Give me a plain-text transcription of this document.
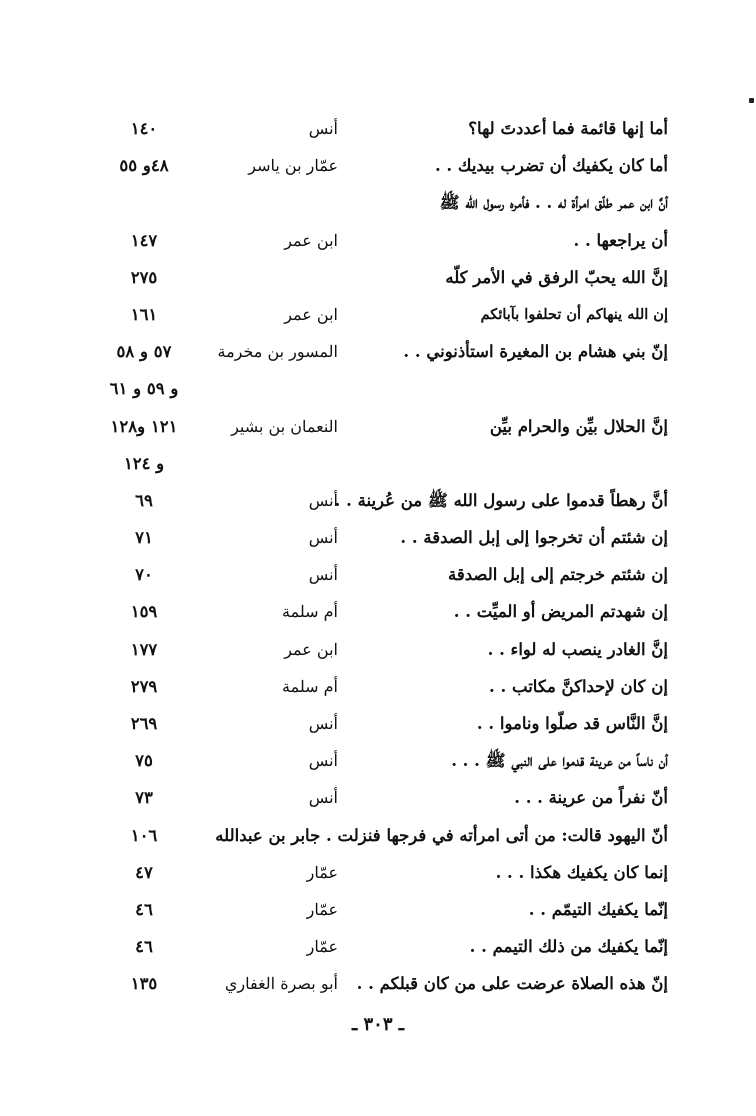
أما إنها قائمة فما أعددتَ لها؟
أنس
١٤٠
أما كان يكفيك أن تضرب بيديك . .
عمّار بن ياسر
٤٨و ٥٥
أنَّ ابن عمر طلّق امرأة له . . فأمره رسول الله ﷺ
أن يراجعها . .
ابن عمر
١٤٧
إنَّ الله يحبّ الرفق في الأمر كلّه
٢٧٥
إن الله ينهاكم أن تحلفوا بآبائكم
ابن عمر
١٦١
إنّ بني هشام بن المغيرة استأذنوني . .
المسور بن مخرمة
٥٧ و ٥٨
و ٥٩ و ٦١
إنَّ الحلال بيِّن والحرام بيِّن
النعمان بن بشير
١٢١ و١٢٨
و ١٢٤
أنَّ رهطاً قدموا على رسول الله ﷺ من عُرينة . .
أنس
٦٩
إن شئتم أن تخرجوا إلى إبل الصدقة . .
أنس
٧١
إن شئتم خرجتم إلى إبل الصدقة
أنس
٧٠
إن شهدتم المريض أو الميِّت . .
أم سلمة
١٥٩
إنَّ الغادر ينصب له لواء . .
ابن عمر
١٧٧
إن كان لإحداكنَّ مكاتب . .
أم سلمة
٢٧٩
إنَّ النَّاس قد صلّوا وناموا . .
أنس
٢٦٩
أن ناساً من عرينة قدموا على النبي ﷺ . . .
أنس
٧٥
أنّ نفراً من عرينة . . .
أنس
٧٣
أنّ اليهود قالت: من أتى امرأته في فرجها فنزلت . جابر بن عبدالله
١٠٦
إنما كان يكفيك هكذا . . .
عمّار
٤٧
إنّما يكفيك التيمّم . .
عمّار
٤٦
إنّما يكفيك من ذلك التيمم . .
عمّار
٤٦
إنّ هذه الصلاة عرضت على من كان قبلكم . .
أبو بصرة الغفاري
١٣٥
ـ ٣٠٣ ـ
